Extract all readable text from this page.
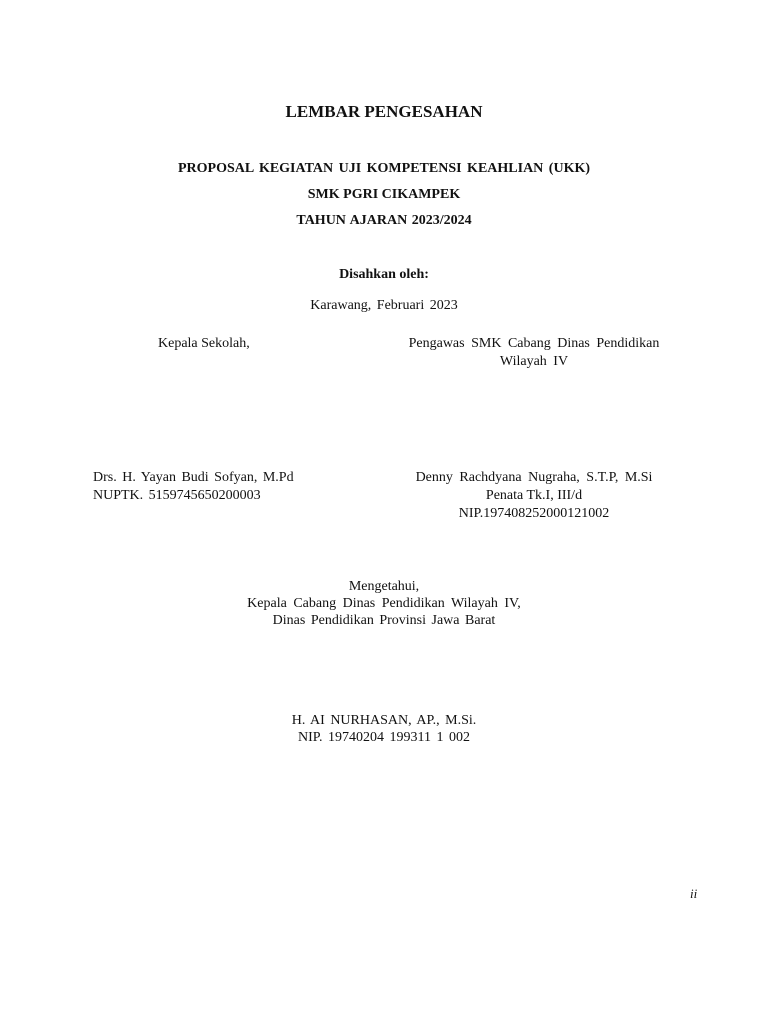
LEMBAR PENGESAHAN
PROPOSAL KEGIATAN UJI KOMPETENSI KEAHLIAN (UKK)
SMK PGRI CIKAMPEK
TAHUN AJARAN 2023/2024
Disahkan oleh:
Karawang, Februari 2023
Kepala Sekolah,
Drs. H. Yayan Budi Sofyan, M.Pd
NUPTK. 5159745650200003
Pengawas SMK Cabang Dinas Pendidikan
Wilayah IV
Denny Rachdyana Nugraha, S.T.P, M.Si
Penata Tk.I, III/d
NIP.197408252000121002
Mengetahui,
Kepala Cabang Dinas Pendidikan Wilayah IV,
Dinas Pendidikan Provinsi Jawa Barat
H. AI NURHASAN, AP., M.Si.
NIP. 19740204 199311 1 002
ii
